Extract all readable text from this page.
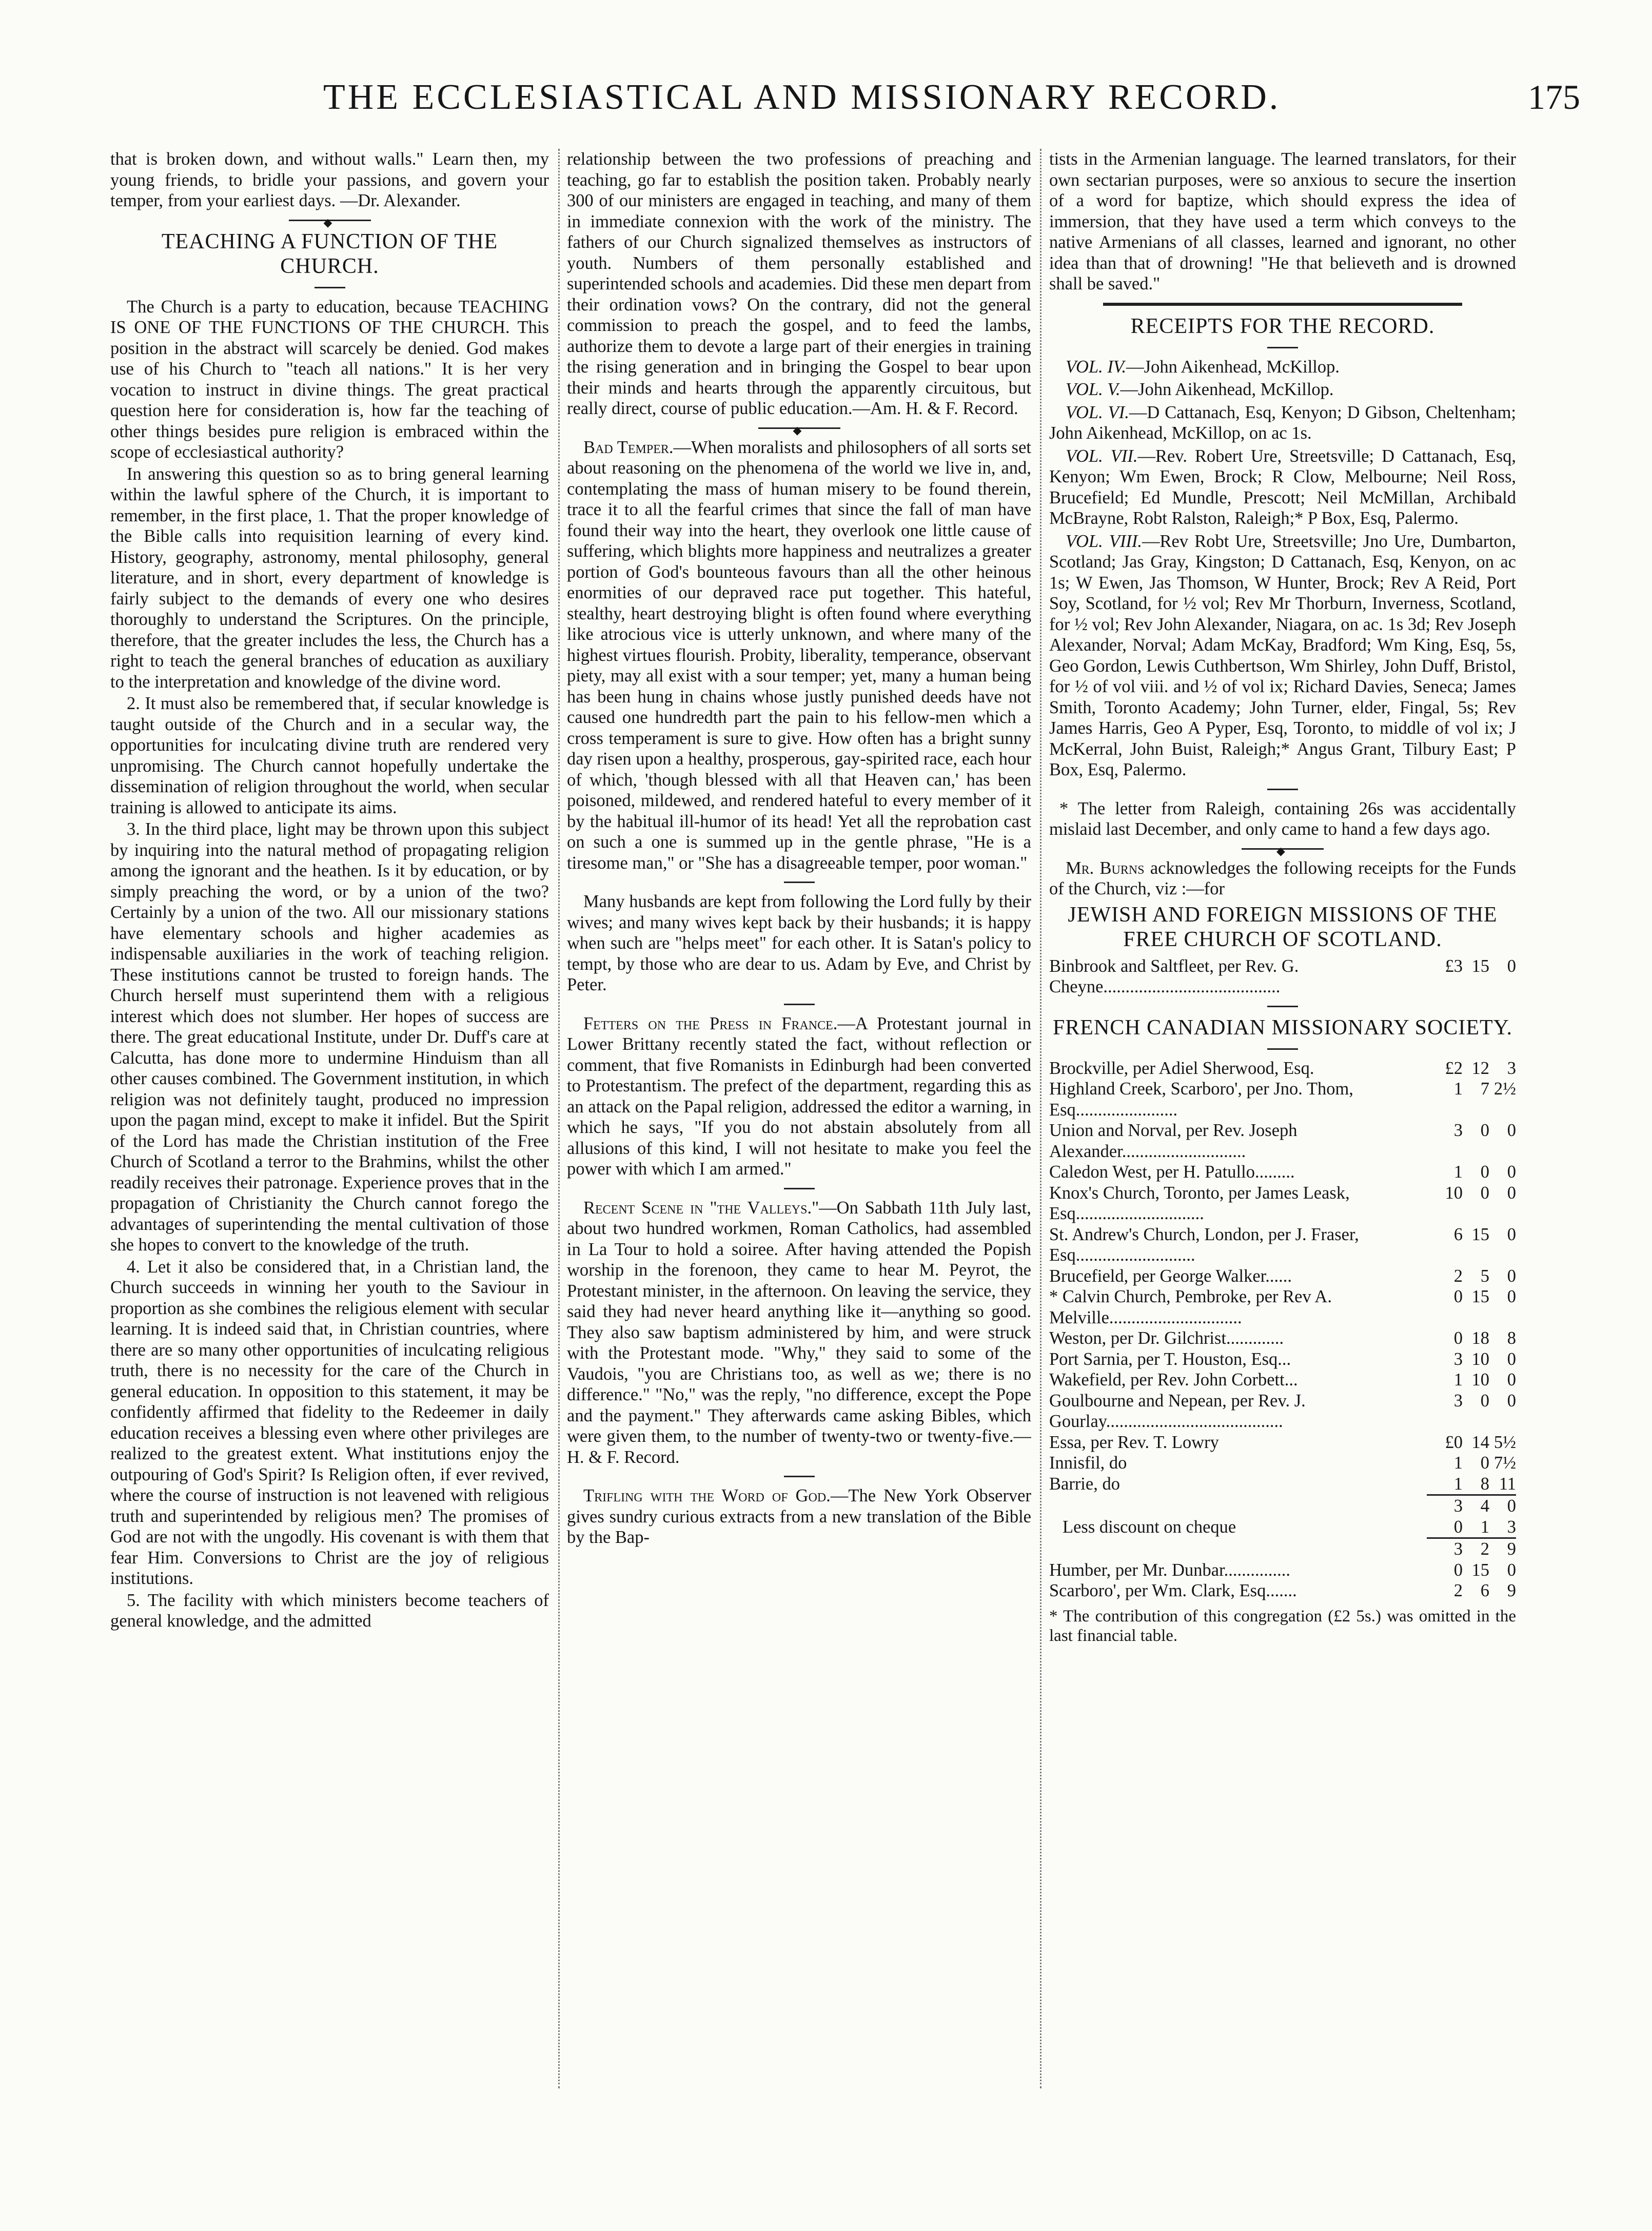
THE ECCLESIASTICAL AND MISSIONARY RECORD.	175

that is broken down, and without walls." Learn then, my young friends, to bridle your passions, and govern your temper, from your earliest days. —Dr. Alexander.

◆
TEACHING A FUNCTION OF THE CHURCH.

The Church is a party to education, because TEACHING IS ONE OF THE FUNCTIONS OF THE CHURCH. This position in the abstract will scarcely be denied. God makes use of his Church to "teach all nations." It is her very vocation to instruct in divine things. The great practical question here for consideration is, how far the teaching of other things besides pure religion is embraced within the scope of ecclesiastical authority?

In answering this question so as to bring general learning within the lawful sphere of the Church, it is important to remember, in the first place, 1. That the proper knowledge of the Bible calls into requisition learning of every kind. History, geography, astronomy, mental philosophy, general literature, and in short, every department of knowledge is fairly subject to the demands of every one who desires thoroughly to understand the Scriptures. On the principle, therefore, that the greater includes the less, the Church has a right to teach the general branches of education as auxiliary to the interpretation and knowledge of the divine word.

2. It must also be remembered that, if secular knowledge is taught outside of the Church and in a secular way, the opportunities for inculcating divine truth are rendered very unpromising. The Church cannot hopefully undertake the dissemination of religion throughout the world, when secular training is allowed to anticipate its aims.

3. In the third place, light may be thrown upon this subject by inquiring into the natural method of propagating religion among the ignorant and the heathen. Is it by education, or by simply preaching the word, or by a union of the two? Certainly by a union of the two. All our missionary stations have elementary schools and higher academies as indispensable auxiliaries in the work of teaching religion. These institutions cannot be trusted to foreign hands. The Church herself must superintend them with a religious interest which does not slumber. Her hopes of success are there. The great educational Institute, under Dr. Duff's care at Calcutta, has done more to undermine Hinduism than all other causes combined. The Government institution, in which religion was not definitely taught, produced no impression upon the pagan mind, except to make it infidel. But the Spirit of the Lord has made the Christian institution of the Free Church of Scotland a terror to the Brahmins, whilst the other readily receives their patronage. Experience proves that in the propagation of Christianity the Church cannot forego the advantages of superintending the mental cultivation of those she hopes to convert to the knowledge of the truth.

4. Let it also be considered that, in a Christian land, the Church succeeds in winning her youth to the Saviour in proportion as she combines the religious element with secular learning. It is indeed said that, in Christian countries, where there are so many other opportunities of inculcating religious truth, there is no necessity for the care of the Church in general education. In opposition to this statement, it may be confidently affirmed that fidelity to the Redeemer in daily education receives a blessing even where other privileges are realized to the greatest extent. What institutions enjoy the outpouring of God's Spirit? Is Religion often, if ever revived, where the course of instruction is not leavened with religious truth and superintended by religious men? The promises of God are not with the ungodly. His covenant is with them that fear Him. Conversions to Christ are the joy of religious institutions.

5. The facility with which ministers become teachers of general knowledge, and the admitted

relationship between the two professions of preaching and teaching, go far to establish the position taken. Probably nearly 300 of our ministers are engaged in teaching, and many of them in immediate connexion with the work of the ministry. The fathers of our Church signalized themselves as instructors of youth. Numbers of them personally established and superintended schools and academies. Did these men depart from their ordination vows? On the contrary, did not the general commission to preach the gospel, and to feed the lambs, authorize them to devote a large part of their energies in training the rising generation and in bringing the Gospel to bear upon their minds and hearts through the apparently circuitous, but really direct, course of public education.—Am. H. & F. Record.

◆

Bad Temper.—When moralists and philosophers of all sorts set about reasoning on the phenomena of the world we live in, and, contemplating the mass of human misery to be found therein, trace it to all the fearful crimes that since the fall of man have found their way into the heart, they overlook one little cause of suffering, which blights more happiness and neutralizes a greater portion of God's bounteous favours than all the other heinous enormities of our depraved race put together. This hateful, stealthy, heart destroying blight is often found where everything like atrocious vice is utterly unknown, and where many of the highest virtues flourish. Probity, liberality, temperance, observant piety, may all exist with a sour temper; yet, many a human being has been hung in chains whose justly punished deeds have not caused one hundredth part the pain to his fellow-men which a cross temperament is sure to give. How often has a bright sunny day risen upon a healthy, prosperous, gay-spirited race, each hour of which, 'though blessed with all that Heaven can,' has been poisoned, mildewed, and rendered hateful to every member of it by the habitual ill-humor of its head! Yet all the reprobation cast on such a one is summed up in the gentle phrase, "He is a tiresome man," or "She has a disagreeable temper, poor woman."

Many husbands are kept from following the Lord fully by their wives; and many wives kept back by their husbands; it is happy when such are "helps meet" for each other. It is Satan's policy to tempt, by those who are dear to us. Adam by Eve, and Christ by Peter.

Fetters on the Press in France.—A Protestant journal in Lower Brittany recently stated the fact, without reflection or comment, that five Romanists in Edinburgh had been converted to Protestantism. The prefect of the department, regarding this as an attack on the Papal religion, addressed the editor a warning, in which he says, "If you do not abstain absolutely from all allusions of this kind, I will not hesitate to make you feel the power with which I am armed."

Recent Scene in "the Valleys."—On Sabbath 11th July last, about two hundred workmen, Roman Catholics, had assembled in La Tour to hold a soiree. After having attended the Popish worship in the forenoon, they came to hear M. Peyrot, the Protestant minister, in the afternoon. On leaving the service, they said they had never heard anything like it—anything so good. They also saw baptism administered by him, and were struck with the Protestant mode. "Why," they said to some of the Vaudois, "you are Christians too, as well as we; there is no difference." "No," was the reply, "no difference, except the Pope and the payment." They afterwards came asking Bibles, which were given them, to the number of twenty-two or twenty-five.—H. & F. Record.

Trifling with the Word of God.—The New York Observer gives sundry curious extracts from a new translation of the Bible by the Bap-

tists in the Armenian language. The learned translators, for their own sectarian purposes, were so anxious to secure the insertion of a word for baptize, which should express the idea of immersion, that they have used a term which conveys to the native Armenians of all classes, learned and ignorant, no other idea than that of drowning! "He that believeth and is drowned shall be saved."

RECEIPTS FOR THE RECORD.

VOL. IV.—John Aikenhead, McKillop.

VOL. V.—John Aikenhead, McKillop.

VOL. VI.—D Cattanach, Esq, Kenyon; D Gibson, Cheltenham; John Aikenhead, McKillop, on ac 1s.

VOL. VII.—Rev. Robert Ure, Streetsville; D Cattanach, Esq, Kenyon; Wm Ewen, Brock; R Clow, Melbourne; Neil Ross, Brucefield; Ed Mundle, Prescott; Neil McMillan, Archibald McBrayne, Robt Ralston, Raleigh;* P Box, Esq, Palermo.

VOL. VIII.—Rev Robt Ure, Streetsville; Jno Ure, Dumbarton, Scotland; Jas Gray, Kingston; D Cattanach, Esq, Kenyon, on ac 1s; W Ewen, Jas Thomson, W Hunter, Brock; Rev A Reid, Port Soy, Scotland, for ½ vol; Rev Mr Thorburn, Inverness, Scotland, for ½ vol; Rev John Alexander, Niagara, on ac. 1s 3d; Rev Joseph Alexander, Norval; Adam McKay, Bradford; Wm King, Esq, 5s, Geo Gordon, Lewis Cuthbertson, Wm Shirley, John Duff, Bristol, for ½ of vol viii. and ½ of vol ix; Richard Davies, Seneca; James Smith, Toronto Academy; John Turner, elder, Fingal, 5s; Rev James Harris, Geo A Pyper, Esq, Toronto, to middle of vol ix; J McKerral, John Buist, Raleigh;* Angus Grant, Tilbury East; P Box, Esq, Palermo.

* The letter from Raleigh, containing 26s was accidentally mislaid last December, and only came to hand a few days ago.

◆

Mr. Burns acknowledges the following receipts for the Funds of the Church, viz :—for

JEWISH AND FOREIGN MISSIONS OF THE FREE CHURCH OF SCOTLAND.
Binbrook and Saltfleet, per Rev. G. Cheyne........................................	£3	15	0
FRENCH CANADIAN MISSIONARY SOCIETY.
Brockville, per Adiel Sherwood, Esq.	£2	12	3
Highland Creek, Scarboro', per Jno. Thom, Esq.......................	1	7	2½
Union and Norval, per Rev. Joseph Alexander............................	3	0	0
Caledon West, per H. Patullo.........	1	0	0
Knox's Church, Toronto, per James Leask, Esq.............................	10	0	0
St. Andrew's Church, London, per J. Fraser, Esq...........................	6	15	0
Brucefield, per George Walker......	2	5	0
* Calvin Church, Pembroke, per Rev A. Melville..............................	0	15	0
Weston, per Dr. Gilchrist.............	0	18	8
Port Sarnia, per T. Houston, Esq...	3	10	0
Wakefield, per Rev. John Corbett...	1	10	0
Goulbourne and Nepean, per Rev. J. Gourlay........................................	3	0	0
Essa, per Rev. T. Lowry	£0	14	5½
Innisfil, do	1	0	7½
Barrie, do	1	8	11
	3	4	0
Less discount on cheque	0	1	3
	3	2	9
Humber, per Mr. Dunbar...............	0	15	0
Scarboro', per Wm. Clark, Esq.......	2	6	9

* The contribution of this congregation (£2 5s.) was omitted in the last financial table.
